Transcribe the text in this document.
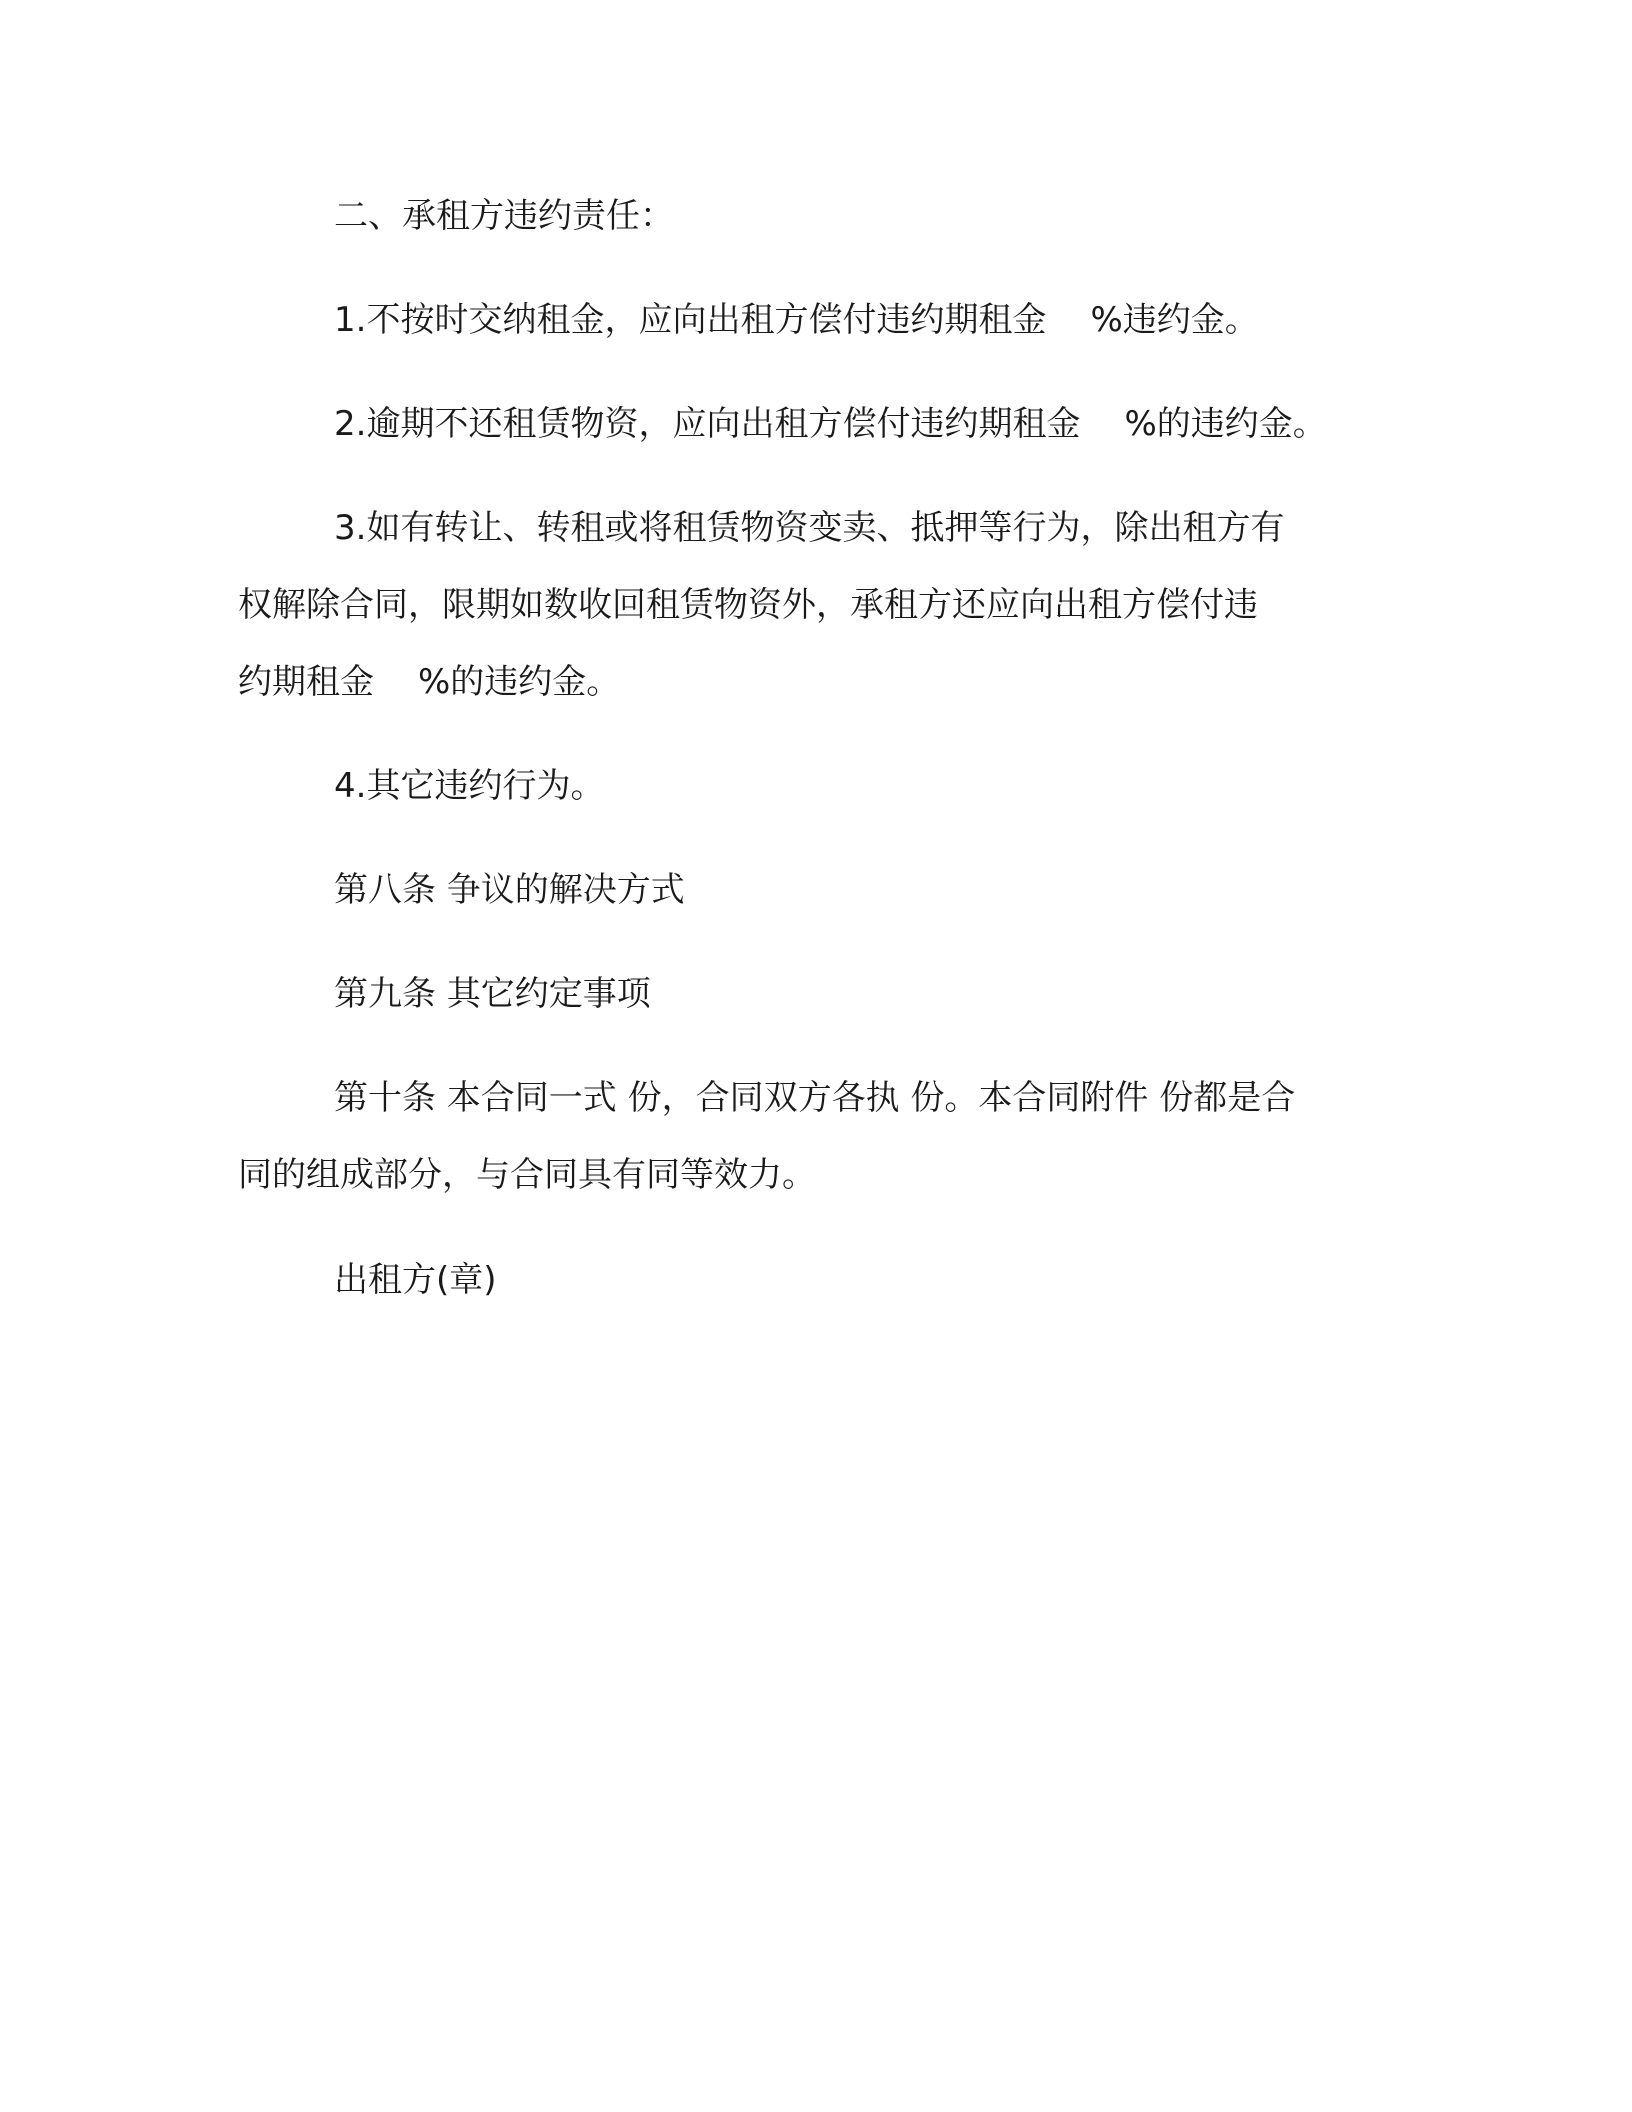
二、承租方违约责任：
1.不按时交纳租金，应向出租方偿付违约期租金 %违约金。
2.逾期不还租赁物资，应向出租方偿付违约期租金 %的违约金。
3.如有转让、转租或将租赁物资变卖、抵押等行为，除出租方有
权解除合同，限期如数收回租赁物资外，承租方还应向出租方偿付违
约期租金 %的违约金。
4.其它违约行为。
第八条 争议的解决方式
第九条 其它约定事项
第十条 本合同一式 份，合同双方各执 份。本合同附件 份都是合
同的组成部分，与合同具有同等效力。
出租方(章)
